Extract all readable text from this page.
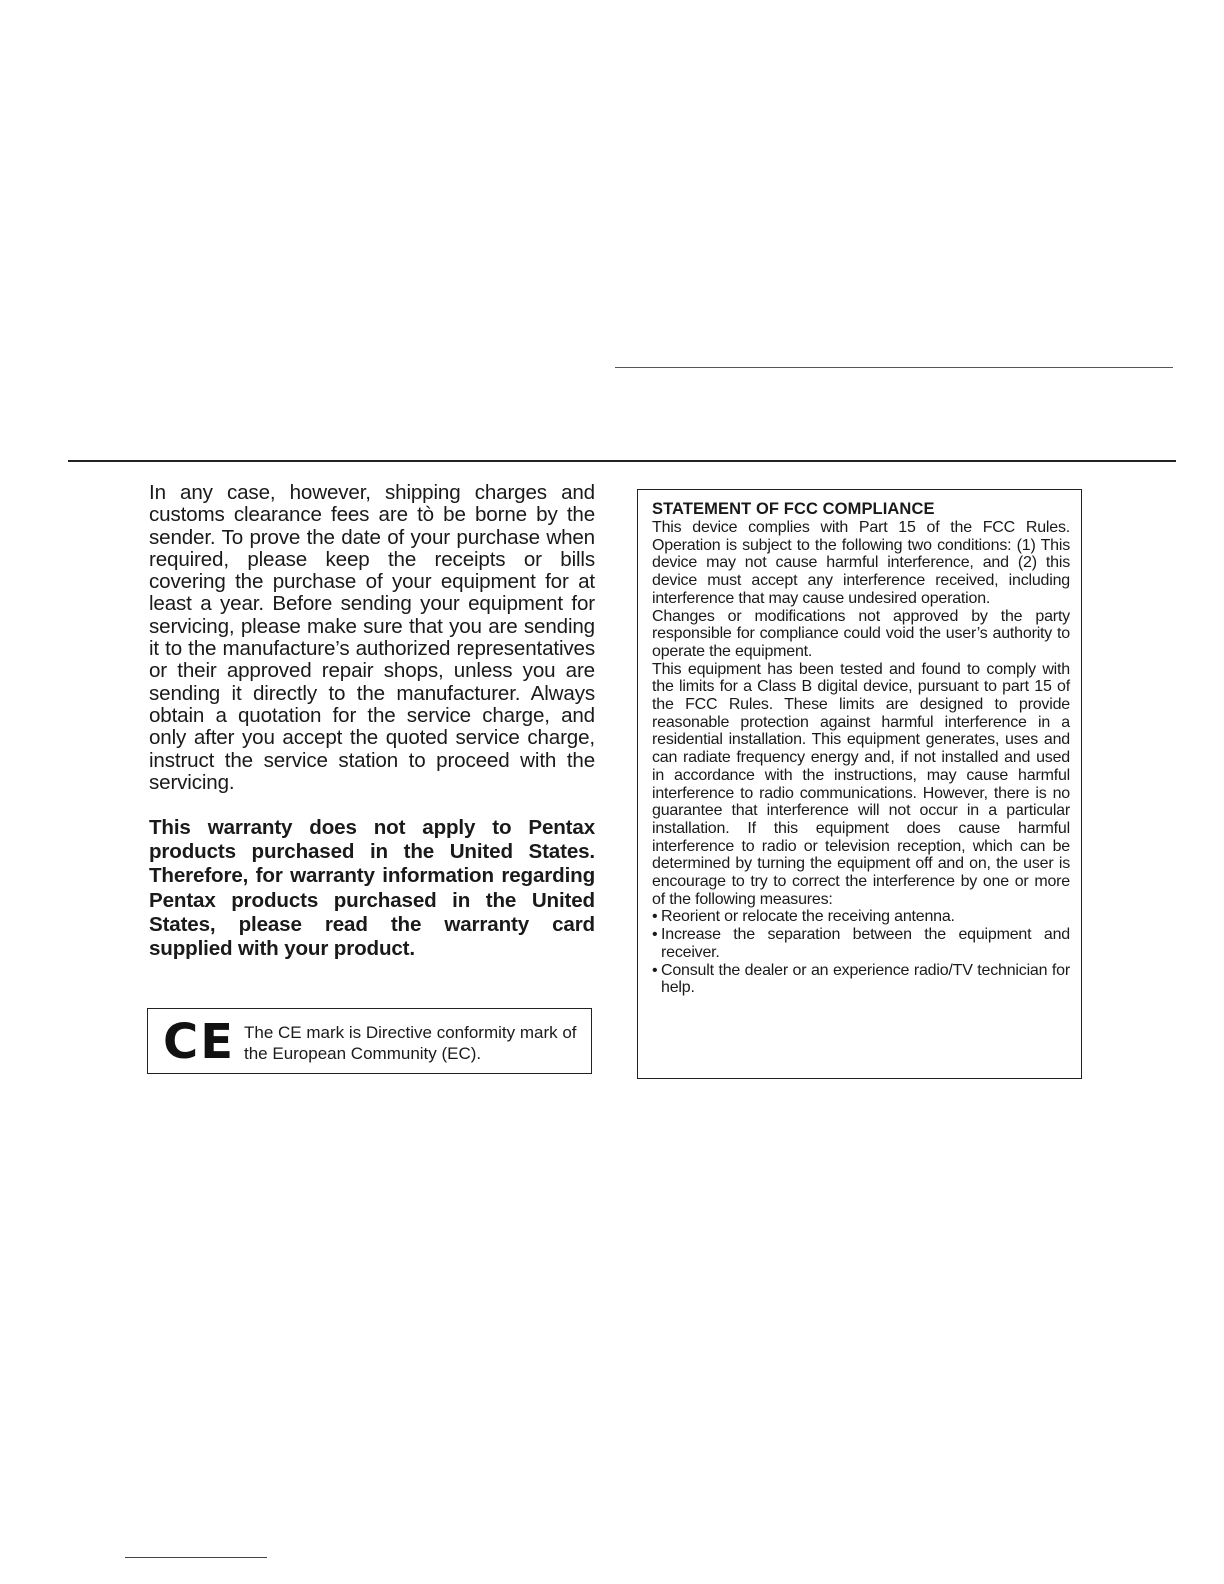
In any case, however, shipping charges and customs clearance fees are tò be borne by the sender. To prove the date of your purchase when required, please keep the receipts or bills covering the purchase of your equipment for at least a year. Before sending your equipment for servicing, please make sure that you are sending it to the manufacture’s authorized representatives or their approved repair shops, unless you are sending it directly to the manufacturer. Always obtain a quotation for the service charge, and only after you accept the quoted service charge, instruct the service station to proceed with the servicing.

This warranty does not apply to Pentax products purchased in the United States. Therefore, for warranty information regarding Pentax products purchased in the United States, please read the warranty card supplied with your product.

CE The CE mark is Directive conformity mark of the European Community (EC).
STATEMENT OF FCC COMPLIANCE

This device complies with Part 15 of the FCC Rules. Operation is subject to the following two conditions: (1) This device may not cause harmful interference, and (2) this device must accept any interference received, including interference that may cause undesired operation.

Changes or modifications not approved by the party responsible for compliance could void the user’s authority to operate the equipment.

This equipment has been tested and found to comply with the limits for a Class B digital device, pursuant to part 15 of the FCC Rules. These limits are designed to provide reasonable protection against harmful interference in a residential installation. This equipment generates, uses and can radiate frequency energy and, if not installed and used in accordance with the instructions, may cause harmful interference to radio communications. However, there is no guarantee that interference will not occur in a particular installation. If this equipment does cause harmful interference to radio or television reception, which can be determined by turning the equipment off and on, the user is encourage to try to correct the interference by one or more of the following measures:

• Reorient or relocate the receiving antenna.
• Increase the separation between the equipment and receiver.
• Consult the dealer or an experience radio/TV technician for help.
